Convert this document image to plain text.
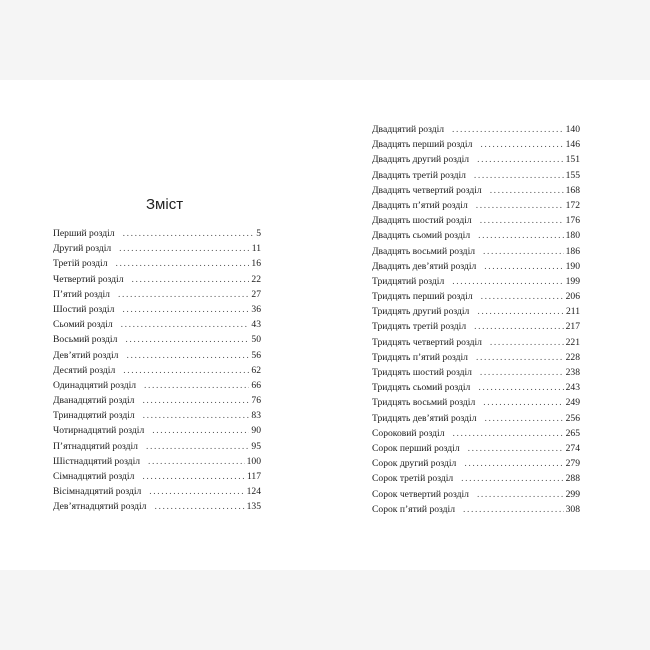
Зміст
Перший розділ . . .	5
Другий розділ . . .	11
Третій розділ . . .	16
Четвертий розділ . . .	22
П’ятий розділ . . .	27
Шостий розділ . . .	36
Сьомий розділ . . .	43
Восьмий розділ . . .	50
Дев’ятий розділ . . .	56
Десятий розділ . . .	62
Одинадцятий розділ . . .	66
Дванадцятий розділ . . .	76
Тринадцятий розділ . . .	83
Чотирнадцятий розділ . . .	90
П’ятнадцятий розділ . . .	95
Шістнадцятий розділ . . .	100
Сімнадцятий розділ . . .	117
Вісімнадцятий розділ . . .	124
Дев’ятнадцятий розділ . . .	135
Двадцятий розділ . . .	140
Двадцять перший розділ . . .	146
Двадцять другий розділ . . .	151
Двадцять третій розділ . . .	155
Двадцять четвертий розділ . . .	168
Двадцять п’ятий розділ . . .	172
Двадцять шостий розділ . . .	176
Двадцять сьомий розділ . . .	180
Двадцять восьмий розділ . . .	186
Двадцять дев’ятий розділ . . .	190
Тридцятий розділ . . .	199
Тридцять перший розділ . . .	206
Тридцять другий розділ . . .	211
Тридцять третій розділ . . .	217
Тридцять четвертий розділ . . .	221
Тридцять п’ятий розділ . . .	228
Тридцять шостий розділ . . .	238
Тридцять сьомий розділ . . .	243
Тридцять восьмий розділ . . .	249
Тридцять дев’ятий розділ . . .	256
Сороковий розділ . . .	265
Сорок перший розділ . . .	274
Сорок другий розділ . . .	279
Сорок третій розділ . . .	288
Сорок четвертий розділ . . .	299
Сорок п’ятий розділ . . .	308
